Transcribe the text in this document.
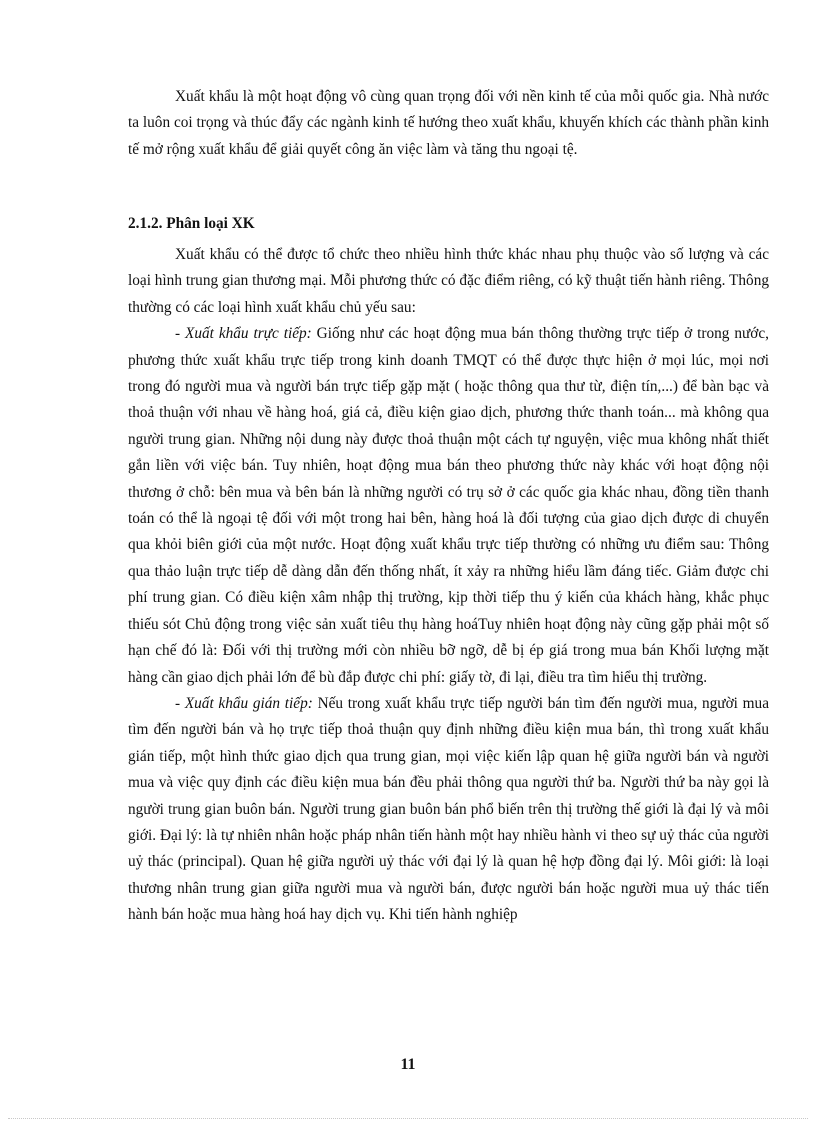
Xuất khẩu là một hoạt động vô cùng quan trọng đối với nền kinh tế của mỗi quốc gia. Nhà nước ta luôn coi trọng và thúc đẩy các ngành kinh tế hướng theo xuất khẩu, khuyến khích các thành phần kinh tế mở rộng xuất khẩu để giải quyết công ăn việc làm và tăng thu ngoại tệ.

2.1.2. Phân loại XK

Xuất khẩu có thể được tổ chức theo nhiều hình thức khác nhau phụ thuộc vào số lượng và các loại hình trung gian thương mại. Mỗi phương thức có đặc điểm riêng, có kỹ thuật tiến hành riêng. Thông thường có các loại hình xuất khẩu chủ yếu sau:

- Xuất khẩu trực tiếp: Giống như các hoạt động mua bán thông thường trực tiếp ở trong nước, phương thức xuất khẩu trực tiếp trong kinh doanh TMQT có thể được thực hiện ở mọi lúc, mọi nơi trong đó người mua và người bán trực tiếp gặp mặt ( hoặc thông qua thư từ, điện tín,...) để bàn bạc và thoả thuận với nhau về hàng hoá, giá cả, điều kiện giao dịch, phương thức thanh toán... mà không qua người trung gian. Những nội dung này được thoả thuận một cách tự nguyện, việc mua không nhất thiết gắn liền với việc bán. Tuy nhiên, hoạt động mua bán theo phương thức này khác với hoạt động nội thương ở chỗ: bên mua và bên bán là những người có trụ sở ở các quốc gia khác nhau, đồng tiền thanh toán có thể là ngoại tệ đối với một trong hai bên, hàng hoá là đối tượng của giao dịch được di chuyển qua khỏi biên giới của một nước. Hoạt động xuất khẩu trực tiếp thường có những ưu điểm sau: Thông qua thảo luận trực tiếp dễ dàng dẫn đến thống nhất, ít xảy ra những hiểu lầm đáng tiếc. Giảm được chi phí trung gian. Có điều kiện xâm nhập thị trường, kịp thời tiếp thu ý kiến của khách hàng, khắc phục thiếu sót Chủ động trong việc sản xuất tiêu thụ hàng hoáTuy nhiên hoạt động này cũng gặp phải một số hạn chế đó là: Đối với thị trường mới còn nhiều bỡ ngỡ, dễ bị ép giá trong mua bán Khối lượng mặt hàng cần giao dịch phải lớn để bù đắp được chi phí: giấy tờ, đi lại, điều tra tìm hiểu thị trường.

- Xuất khẩu gián tiếp: Nếu trong xuất khẩu trực tiếp người bán tìm đến người mua, người mua tìm đến người bán và họ trực tiếp thoả thuận quy định những điều kiện mua bán, thì trong xuất khẩu gián tiếp, một hình thức giao dịch qua trung gian, mọi việc kiến lập quan hệ giữa người bán và người mua và việc quy định các điều kiện mua bán đều phải thông qua người thứ ba. Người thứ ba này gọi là người trung gian buôn bán. Người trung gian buôn bán phổ biến trên thị trường thế giới là đại lý và môi giới. Đại lý: là tự nhiên nhân hoặc pháp nhân tiến hành một hay nhiều hành vi theo sự uỷ thác của người uỷ thác (principal). Quan hệ giữa người uỷ thác với đại lý là quan hệ hợp đồng đại lý. Môi giới: là loại thương nhân trung gian giữa người mua và người bán, được người bán hoặc người mua uỷ thác tiến hành bán hoặc mua hàng hoá hay dịch vụ. Khi tiến hành nghiệp

11
